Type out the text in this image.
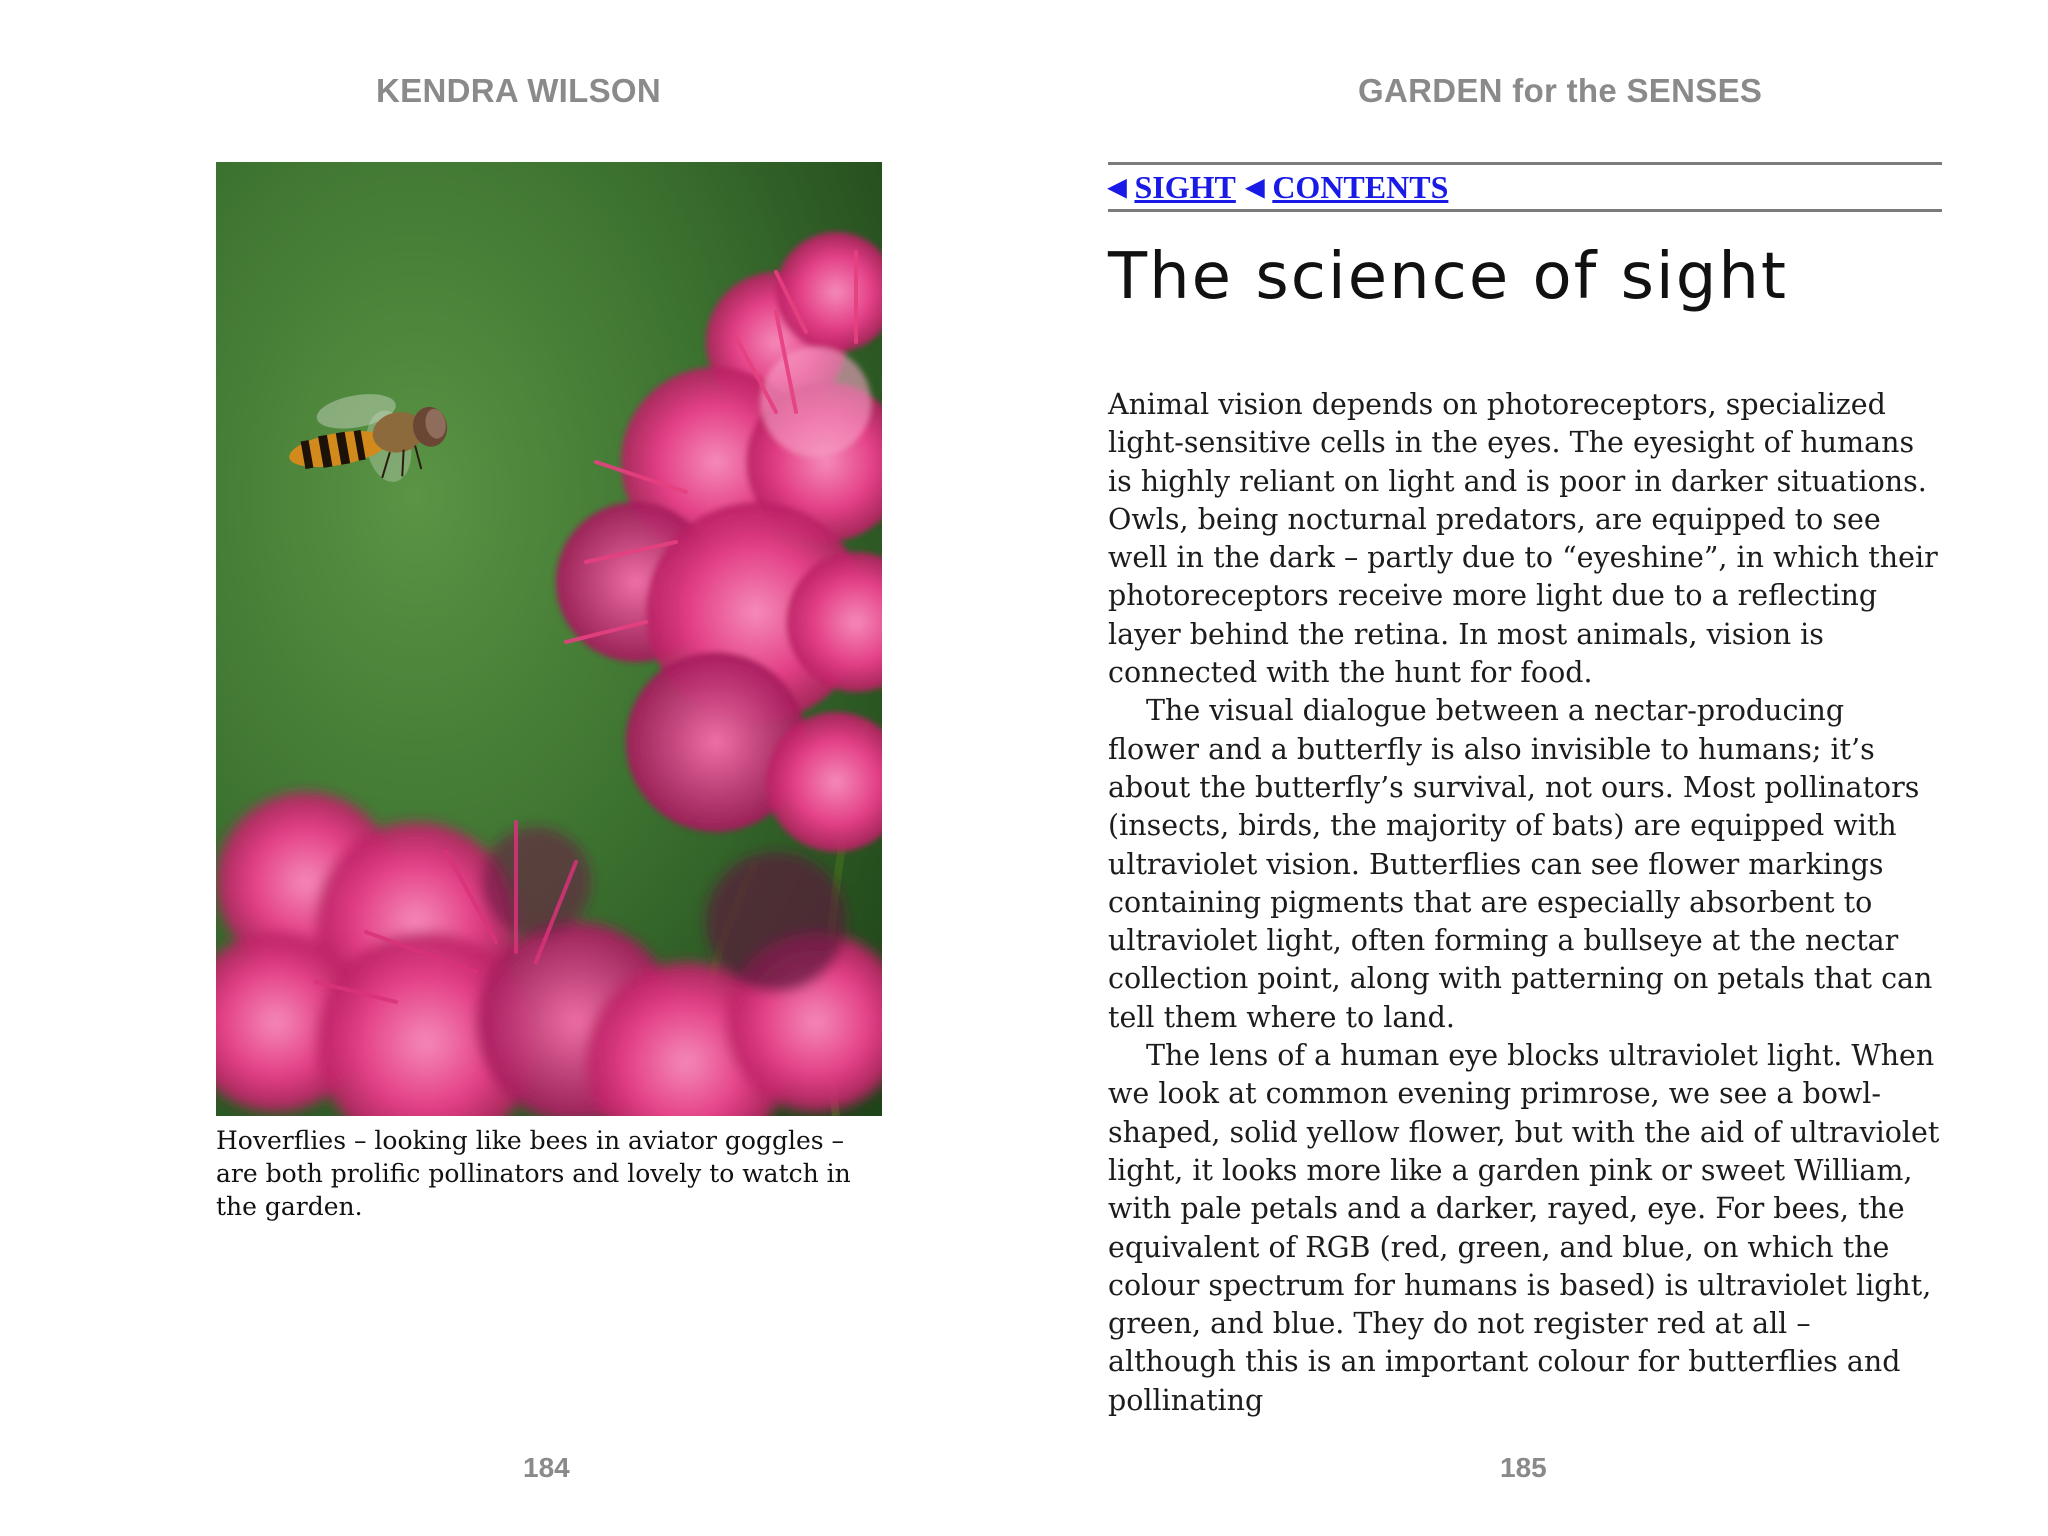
KENDRA WILSON
Hoverflies – looking like bees in aviator goggles – are both prolific pollinators and lovely to watch in the garden.
184
GARDEN for the SENSES
◀ SIGHT ◀ CONTENTS
The science of sight

Animal vision depends on photoreceptors, specialized light-sensitive cells in the eyes. The eyesight of humans is highly reliant on light and is poor in darker situations. Owls, being nocturnal predators, are equipped to see well in the dark – partly due to “eyeshine”, in which their photoreceptors receive more light due to a reflecting layer behind the retina. In most animals, vision is connected with the hunt for food.

The visual dialogue between a nectar-producing flower and a butterfly is also invisible to humans; it’s about the butterfly’s survival, not ours. Most pollinators (insects, birds, the majority of bats) are equipped with ultraviolet vision. Butterflies can see flower markings containing pigments that are especially absorbent to ultraviolet light, often forming a bullseye at the nectar collection point, along with patterning on petals that can tell them where to land.

The lens of a human eye blocks ultraviolet light. When we look at common evening primrose, we see a bowl-shaped, solid yellow flower, but with the aid of ultraviolet light, it looks more like a garden pink or sweet William, with pale petals and a darker, rayed, eye. For bees, the equivalent of RGB (red, green, and blue, on which the colour spectrum for humans is based) is ultraviolet light, green, and blue. They do not register red at all – although this is an important colour for butterflies and pollinating

185
